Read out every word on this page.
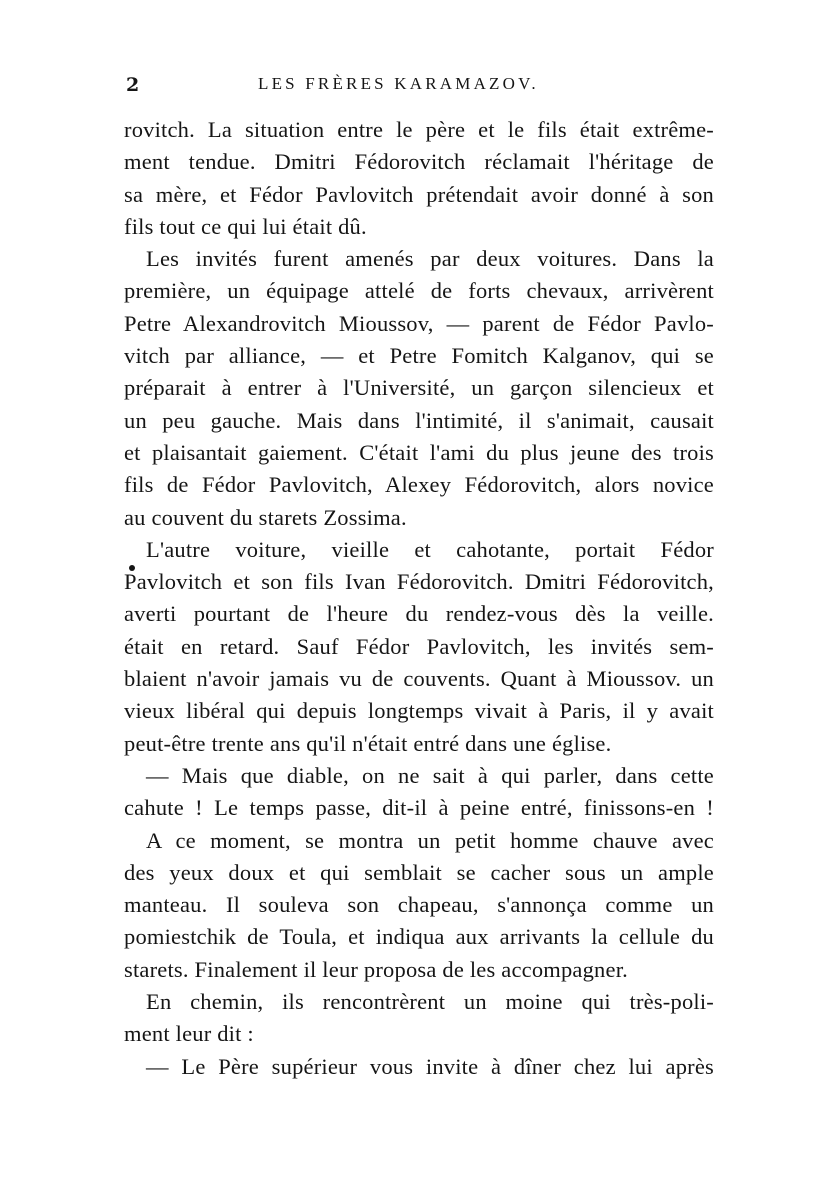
2	LES FRÈRES KARAMAZOV.
rovitch. La situation entre le père et le fils était extrême-
ment tendue. Dmitri Fédorovitch réclamait l'héritage de
sa mère, et Fédor Pavlovitch prétendait avoir donné à son
fils tout ce qui lui était dû.
Les invités furent amenés par deux voitures. Dans la
première, un équipage attelé de forts chevaux, arrivèrent
Petre Alexandrovitch Mioussov, — parent de Fédor Pavlo-
vitch par alliance, — et Petre Fomitch Kalganov, qui se
préparait à entrer à l'Université, un garçon silencieux et
un peu gauche. Mais dans l'intimité, il s'animait, causait
et plaisantait gaiement. C'était l'ami du plus jeune des trois
fils de Fédor Pavlovitch, Alexey Fédorovitch, alors novice
au couvent du starets Zossima.
L'autre voiture, vieille et cahotante, portait Fédor
Pavlovitch et son fils Ivan Fédorovitch. Dmitri Fédorovitch,
averti pourtant de l'heure du rendez-vous dès la veille.
était en retard. Sauf Fédor Pavlovitch, les invités sem-
blaient n'avoir jamais vu de couvents. Quant à Mioussov. un
vieux libéral qui depuis longtemps vivait à Paris, il y avait
peut-être trente ans qu'il n'était entré dans une église.
— Mais que diable, on ne sait à qui parler, dans cette
cahute ! Le temps passe, dit-il à peine entré, finissons-en !
A ce moment, se montra un petit homme chauve avec
des yeux doux et qui semblait se cacher sous un ample
manteau. Il souleva son chapeau, s'annonça comme un
pomiestchik de Toula, et indiqua aux arrivants la cellule du
starets. Finalement il leur proposa de les accompagner.
En chemin, ils rencontrèrent un moine qui très-poli-
ment leur dit :
— Le Père supérieur vous invite à dîner chez lui après
